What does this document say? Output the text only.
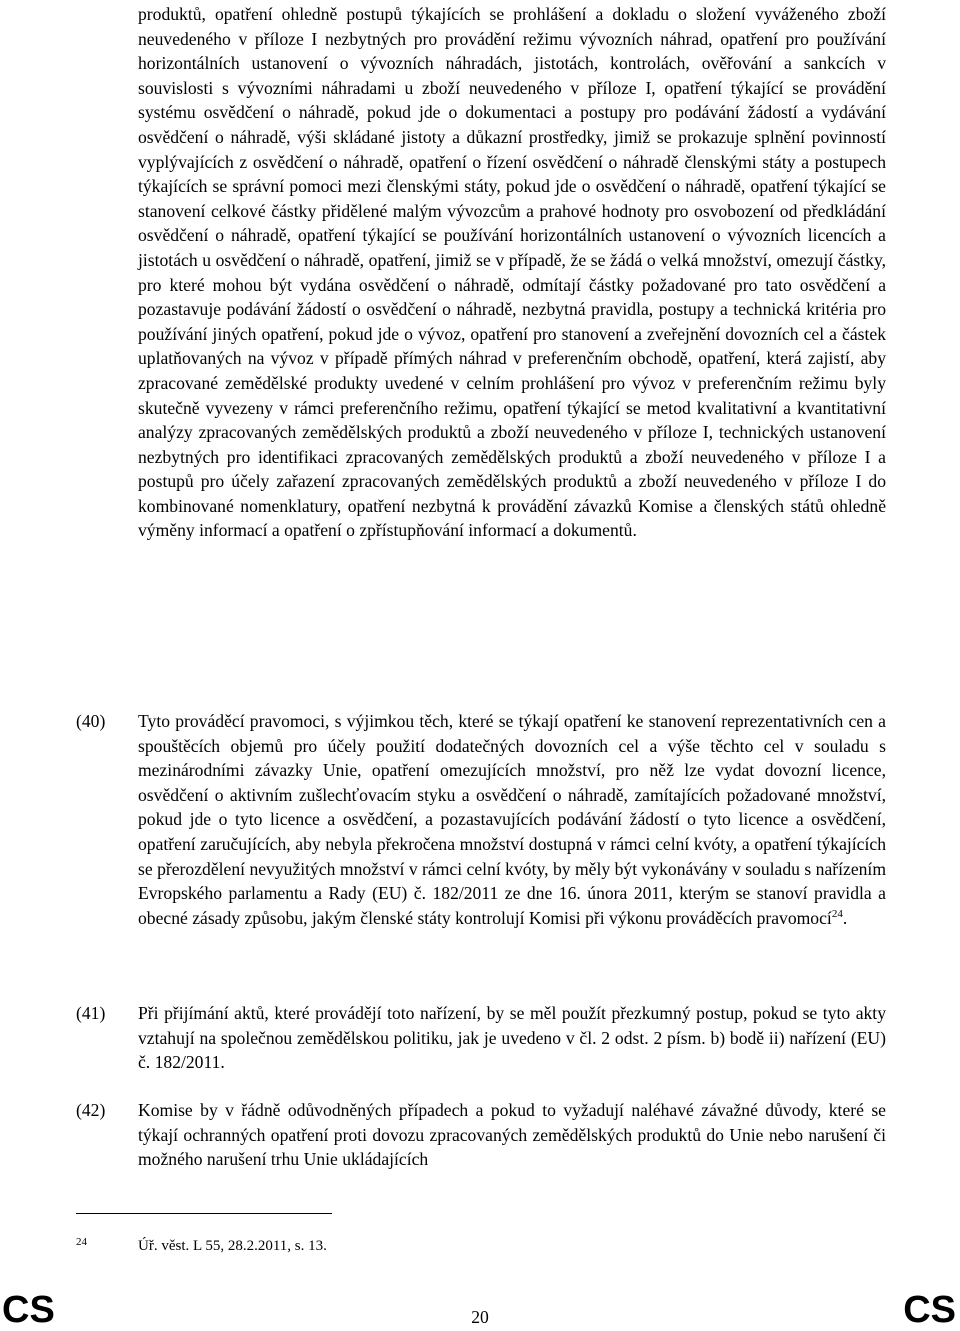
produktů, opatření ohledně postupů týkajících se prohlášení a dokladu o složení vyváženého zboží neuvedeného v příloze I nezbytných pro provádění režimu vývozních náhrad, opatření pro používání horizontálních ustanovení o vývozních náhradách, jistotách, kontrolách, ověřování a sankcích v souvislosti s vývozními náhradami u zboží neuvedeného v příloze I, opatření týkající se provádění systému osvědčení o náhradě, pokud jde o dokumentaci a postupy pro podávání žádostí a vydávání osvědčení o náhradě, výši skládané jistoty a důkazní prostředky, jimiž se prokazuje splnění povinností vyplývajících z osvědčení o náhradě, opatření o řízení osvědčení o náhradě členskými státy a postupech týkajících se správní pomoci mezi členskými státy, pokud jde o osvědčení o náhradě, opatření týkající se stanovení celkové částky přidělené malým vývozcům a prahové hodnoty pro osvobození od předkládání osvědčení o náhradě, opatření týkající se používání horizontálních ustanovení o vývozních licencích a jistotách u osvědčení o náhradě, opatření, jimiž se v případě, že se žádá o velká množství, omezují částky, pro které mohou být vydána osvědčení o náhradě, odmítají částky požadované pro tato osvědčení a pozastavuje podávání žádostí o osvědčení o náhradě, nezbytná pravidla, postupy a technická kritéria pro používání jiných opatření, pokud jde o vývoz, opatření pro stanovení a zveřejnění dovozních cel a částek uplatňovaných na vývoz v případě přímých náhrad v preferenčním obchodě, opatření, která zajistí, aby zpracované zemědělské produkty uvedené v celním prohlášení pro vývoz v preferenčním režimu byly skutečně vyvezeny v rámci preferenčního režimu, opatření týkající se metod kvalitativní a kvantitativní analýzy zpracovaných zemědělských produktů a zboží neuvedeného v příloze I, technických ustanovení nezbytných pro identifikaci zpracovaných zemědělských produktů a zboží neuvedeného v příloze I a postupů pro účely zařazení zpracovaných zemědělských produktů a zboží neuvedeného v příloze I do kombinované nomenklatury, opatření nezbytná k provádění závazků Komise a členských států ohledně výměny informací a opatření o zpřístupňování informací a dokumentů.
(40) Tyto prováděcí pravomoci, s výjimkou těch, které se týkají opatření ke stanovení reprezentativních cen a spouštěcích objemů pro účely použití dodatečných dovozních cel a výše těchto cel v souladu s mezinárodními závazky Unie, opatření omezujících množství, pro něž lze vydat dovozní licence, osvědčení o aktivním zušlechťovacím styku a osvědčení o náhradě, zamítajících požadované množství, pokud jde o tyto licence a osvědčení, a pozastavujících podávání žádostí o tyto licence a osvědčení, opatření zaručujících, aby nebyla překročena množství dostupná v rámci celní kvóty, a opatření týkajících se přerozdělení nevyužitých množství v rámci celní kvóty, by měly být vykonávány v souladu s nařízením Evropského parlamentu a Rady (EU) č. 182/2011 ze dne 16. února 2011, kterým se stanoví pravidla a obecné zásady způsobu, jakým členské státy kontrolují Komisi při výkonu prováděcích pravomocí$^{24}$.
(41) Při přijímání aktů, které provádějí toto nařízení, by se měl použít přezkumný postup, pokud se tyto akty vztahují na společnou zemědělskou politiku, jak je uvedeno v čl. 2 odst. 2 písm. b) bodě ii) nařízení (EU) č. 182/2011.
(42) Komise by v řádně odůvodněných případech a pokud to vyžadují naléhavé závažné důvody, které se týkají ochranných opatření proti dovozu zpracovaných zemědělských produktů do Unie nebo narušení či možného narušení trhu Unie ukládajících
24	Úř. věst. L 55, 28.2.2011, s. 13.
CS	20	CS
